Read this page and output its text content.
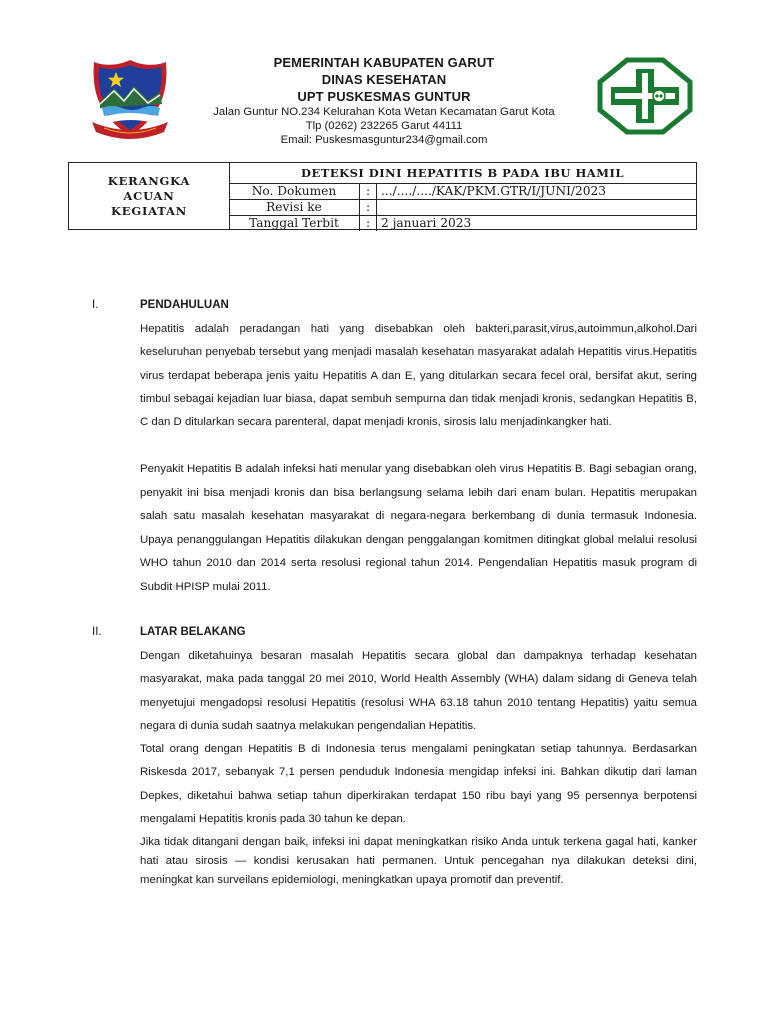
PEMERINTAH KABUPATEN GARUT
DINAS KESEHATAN
UPT PUSKESMAS GUNTUR
Jalan Guntur NO.234 Kelurahan Kota Wetan Kecamatan Garut Kota
Tlp (0262) 232265 Garut 44111
Email: Puskesmasguntur234@gmail.com
KERANGKA
ACUAN
KEGIATAN
DETEKSI DINI HEPATITIS B PADA IBU HAMIL
No. Dokumen	: .../..../..../KAK/PKM.GTR/I/JUNI/2023
Revisi ke	:
Tanggal Terbit	: 2 januari 2023
I.	PENDAHULUAN

Hepatitis adalah peradangan hati yang disebabkan oleh bakteri,parasit,virus,autoimmun,alkohol.Dari keseluruhan penyebab tersebut yang menjadi masalah kesehatan masyarakat adalah Hepatitis virus.Hepatitis virus terdapat beberapa jenis yaitu Hepatitis A dan E, yang ditularkan secara fecel oral, bersifat akut, sering timbul sebagai kejadian luar biasa, dapat sembuh sempurna dan tidak menjadi kronis, sedangkan Hepatitis B, C dan D ditularkan secara parenteral, dapat menjadi kronis, sirosis lalu menjadinkangker hati.

Penyakit Hepatitis B adalah infeksi hati menular yang disebabkan oleh virus Hepatitis B. Bagi sebagian orang, penyakit ini bisa menjadi kronis dan bisa berlangsung selama lebih dari enam bulan. Hepatitis merupakan salah satu masalah kesehatan masyarakat di negara-negara berkembang di dunia termasuk Indonesia. Upaya penanggulangan Hepatitis dilakukan dengan penggalangan komitmen ditingkat global melalui resolusi WHO tahun 2010 dan 2014 serta resolusi regional tahun 2014. Pengendalian Hepatitis masuk program di Subdit HPISP mulai 2011.

II.	LATAR BELAKANG

Dengan diketahuinya besaran masalah Hepatitis secara global dan dampaknya terhadap kesehatan masyarakat, maka pada tanggal 20 mei 2010, World Health Assembly (WHA) dalam sidang di Geneva telah menyetujui mengadopsi resolusi Hepatitis (resolusi WHA 63.18 tahun 2010 tentang Hepatitis) yaitu semua negara di dunia sudah saatnya melakukan pengendalian Hepatitis.

Total orang dengan Hepatitis B di Indonesia terus mengalami peningkatan setiap tahunnya. Berdasarkan Riskesda 2017, sebanyak 7,1 persen penduduk Indonesia mengidap infeksi ini. Bahkan dikutip dari laman Depkes, diketahui bahwa setiap tahun diperkirakan terdapat 150 ribu bayi yang 95 persennya berpotensi mengalami Hepatitis kronis pada 30 tahun ke depan.

Jika tidak ditangani dengan baik, infeksi ini dapat meningkatkan risiko Anda untuk terkena gagal hati, kanker hati atau sirosis — kondisi kerusakan hati permanen. Untuk pencegahan nya dilakukan deteksi dini, meningkat kan surveilans epidemiologi, meningkatkan upaya promotif dan preventif.
